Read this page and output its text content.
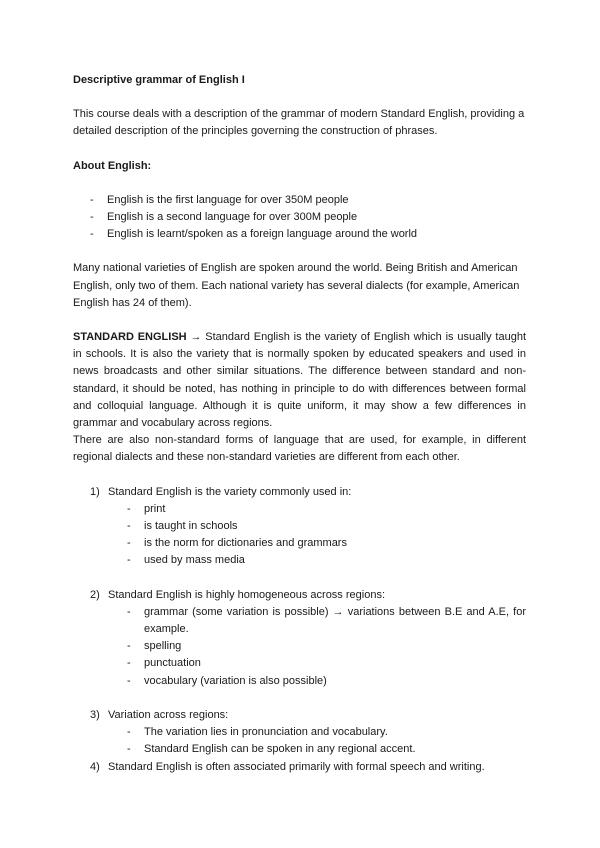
Descriptive grammar of English I

This course deals with a description of the grammar of modern Standard English, providing a detailed description of the principles governing the construction of phrases.

About English:

- English is the first language for over 350M people

- English is a second language for over 300M people

- English is learnt/spoken as a foreign language around the world

Many national varieties of English are spoken around the world. Being British and American English, only two of them. Each national variety has several dialects (for example, American English has 24 of them).

STANDARD ENGLISH → Standard English is the variety of English which is usually taught in schools. It is also the variety that is normally spoken by educated speakers and used in news broadcasts and other similar situations. The difference between standard and non-standard, it should be noted, has nothing in principle to do with differences between formal and colloquial language. Although it is quite uniform, it may show a few differences in grammar and vocabulary across regions.

There are also non-standard forms of language that are used, for example, in different regional dialects and these non-standard varieties are different from each other.

1) Standard English is the variety commonly used in:

- print

- is taught in schools

- is the norm for dictionaries and grammars

- used by mass media

2) Standard English is highly homogeneous across regions:

- grammar (some variation is possible) → variations between B.E and A.E, for example.

- spelling

- punctuation

- vocabulary (variation is also possible)

3) Variation across regions:

- The variation lies in pronunciation and vocabulary.

- Standard English can be spoken in any regional accent.

4) Standard English is often associated primarily with formal speech and writing.
